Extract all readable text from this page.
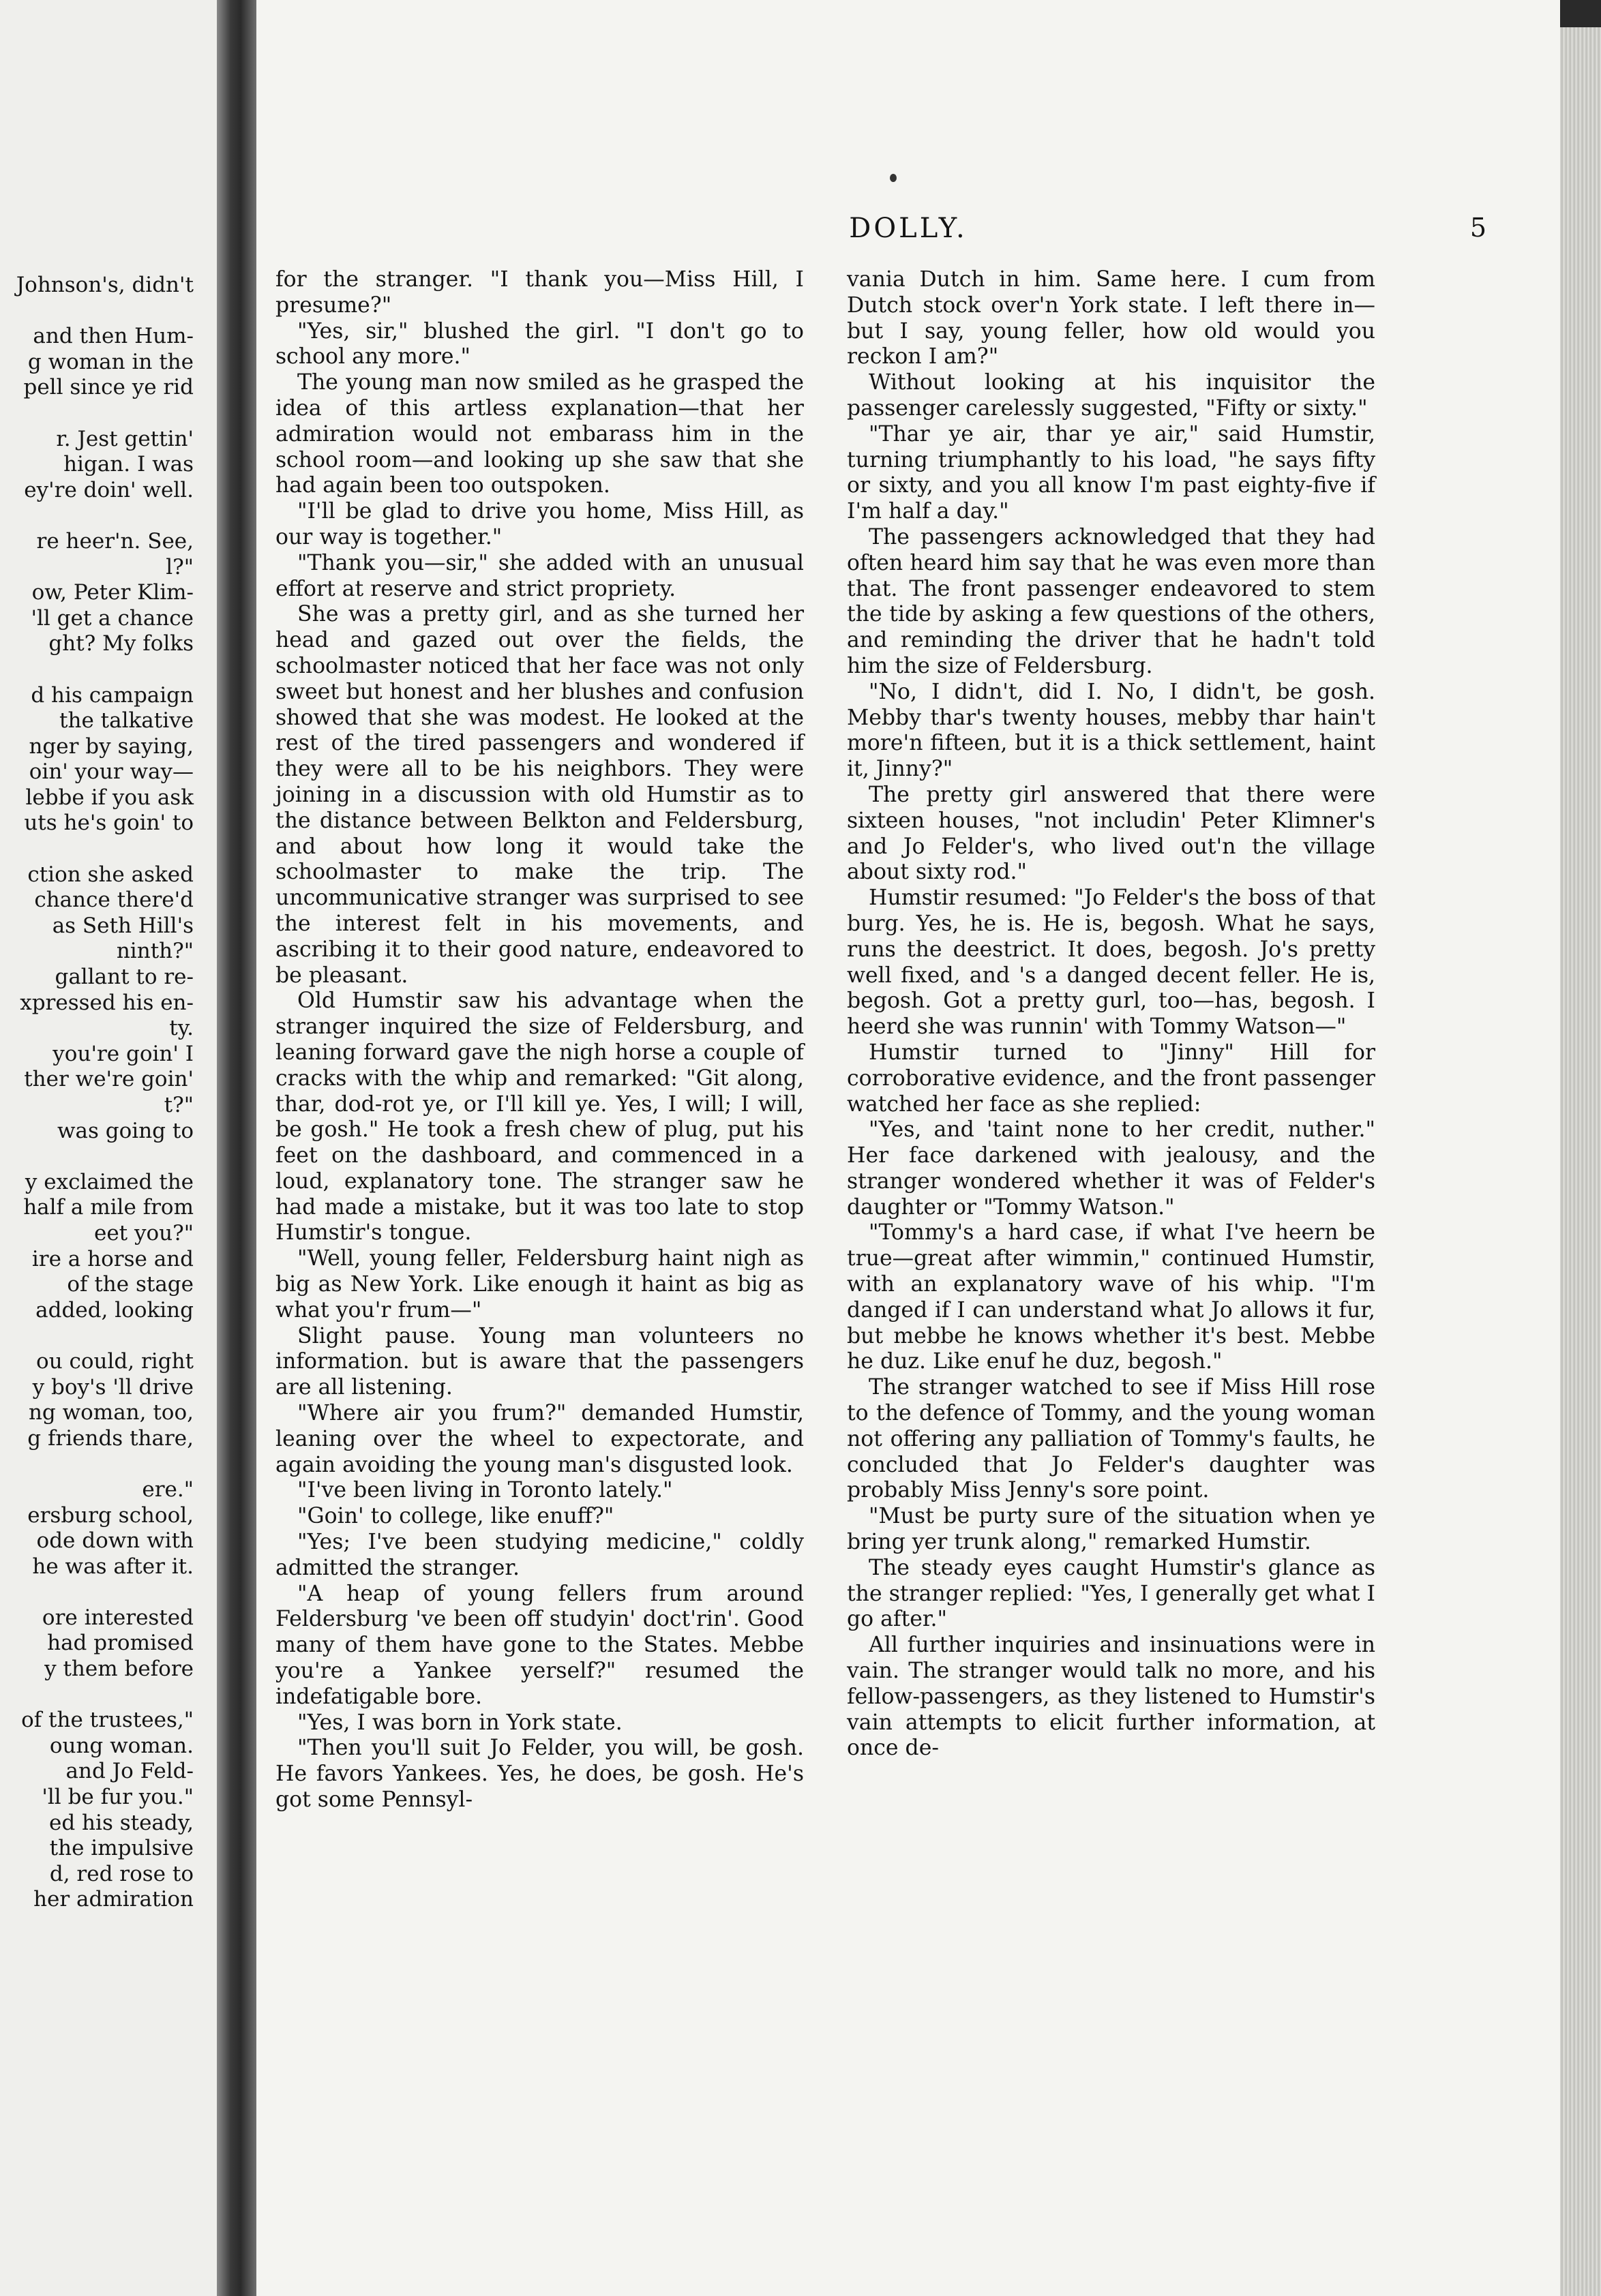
Johnson's, didn't

and then Hum-
g woman in the
pell since ye rid

r. Jest gettin'
higan. I was
ey're doin' well.

re heer'n. See,
l?"
ow, Peter Klim-
'll get a chance
ght? My folks

d his campaign
the talkative
nger by saying,
oin' your way—
lebbe if you ask
uts he's goin' to

ction she asked
chance there'd
as Seth Hill's
ninth?"
gallant to re-
xpressed his en-
ty.
you're goin' I
ther we're goin'
t?"
was going to

y exclaimed the
half a mile from
eet you?"
ire a horse and
of the stage
added, looking

ou could, right
y boy's 'll drive
ng woman, too,
g friends thare,

ere."
ersburg school,
ode down with
he was after it.

ore interested
had promised
y them before

of the trustees,"
oung woman.
and Jo Feld-
'll be fur you."
ed his steady,
the impulsive
d, red rose to
her admiration
DOLLY.	5

for the stranger. "I thank you—Miss Hill, I presume?"

"Yes, sir," blushed the girl. "I don't go to school any more."

The young man now smiled as he grasped the idea of this artless explanation—that her admiration would not embarass him in the school room—and looking up she saw that she had again been too outspoken.

"I'll be glad to drive you home, Miss Hill, as our way is together."

"Thank you—sir," she added with an unusual effort at reserve and strict propriety.

She was a pretty girl, and as she turned her head and gazed out over the fields, the schoolmaster noticed that her face was not only sweet but honest and her blushes and confusion showed that she was modest. He looked at the rest of the tired passengers and wondered if they were all to be his neighbors. They were joining in a discussion with old Humstir as to the distance between Belkton and Feldersburg, and about how long it would take the schoolmaster to make the trip. The uncommunicative stranger was surprised to see the interest felt in his movements, and ascribing it to their good nature, endeavored to be pleasant.

Old Humstir saw his advantage when the stranger inquired the size of Feldersburg, and leaning forward gave the nigh horse a couple of cracks with the whip and remarked: "Git along, thar, dod-rot ye, or I'll kill ye. Yes, I will; I will, be gosh." He took a fresh chew of plug, put his feet on the dashboard, and commenced in a loud, explanatory tone. The stranger saw he had made a mistake, but it was too late to stop Humstir's tongue.

"Well, young feller, Feldersburg haint nigh as big as New York. Like enough it haint as big as what you'r frum—"

Slight pause. Young man volunteers no information. but is aware that the passengers are all listening.

"Where air you frum?" demanded Humstir, leaning over the wheel to expectorate, and again avoiding the young man's disgusted look.

"I've been living in Toronto lately."

"Goin' to college, like enuff?"

"Yes; I've been studying medicine," coldly admitted the stranger.

"A heap of young fellers frum around Feldersburg 've been off studyin' doct'rin'. Good many of them have gone to the States. Mebbe you're a Yankee yerself?" resumed the indefatigable bore.

"Yes, I was born in York state.

"Then you'll suit Jo Felder, you will, be gosh. He favors Yankees. Yes, he does, be gosh. He's got some Pennsyl-

vania Dutch in him. Same here. I cum from Dutch stock over'n York state. I left there in—but I say, young feller, how old would you reckon I am?"

Without looking at his inquisitor the passenger carelessly suggested, "Fifty or sixty."

"Thar ye air, thar ye air," said Humstir, turning triumphantly to his load, "he says fifty or sixty, and you all know I'm past eighty-five if I'm half a day."

The passengers acknowledged that they had often heard him say that he was even more than that. The front passenger endeavored to stem the tide by asking a few questions of the others, and reminding the driver that he hadn't told him the size of Feldersburg.

"No, I didn't, did I. No, I didn't, be gosh. Mebby thar's twenty houses, mebby thar hain't more'n fifteen, but it is a thick settlement, haint it, Jinny?"

The pretty girl answered that there were sixteen houses, "not includin' Peter Klimner's and Jo Felder's, who lived out'n the village about sixty rod."

Humstir resumed: "Jo Felder's the boss of that burg. Yes, he is. He is, begosh. What he says, runs the deestrict. It does, begosh. Jo's pretty well fixed, and 's a danged decent feller. He is, begosh. Got a pretty gurl, too—has, begosh. I heerd she was runnin' with Tommy Watson—"

Humstir turned to "Jinny" Hill for corroborative evidence, and the front passenger watched her face as she replied:

"Yes, and 'taint none to her credit, nuther." Her face darkened with jealousy, and the stranger wondered whether it was of Felder's daughter or "Tommy Watson."

"Tommy's a hard case, if what I've heern be true—great after wimmin," continued Humstir, with an explanatory wave of his whip. "I'm danged if I can understand what Jo allows it fur, but mebbe he knows whether it's best. Mebbe he duz. Like enuf he duz, begosh."

The stranger watched to see if Miss Hill rose to the defence of Tommy, and the young woman not offering any palliation of Tommy's faults, he concluded that Jo Felder's daughter was probably Miss Jenny's sore point.

"Must be purty sure of the situation when ye bring yer trunk along," remarked Humstir.

The steady eyes caught Humstir's glance as the stranger replied: "Yes, I generally get what I go after."

All further inquiries and insinuations were in vain. The stranger would talk no more, and his fellow-passengers, as they listened to Humstir's vain attempts to elicit further information, at once de-
